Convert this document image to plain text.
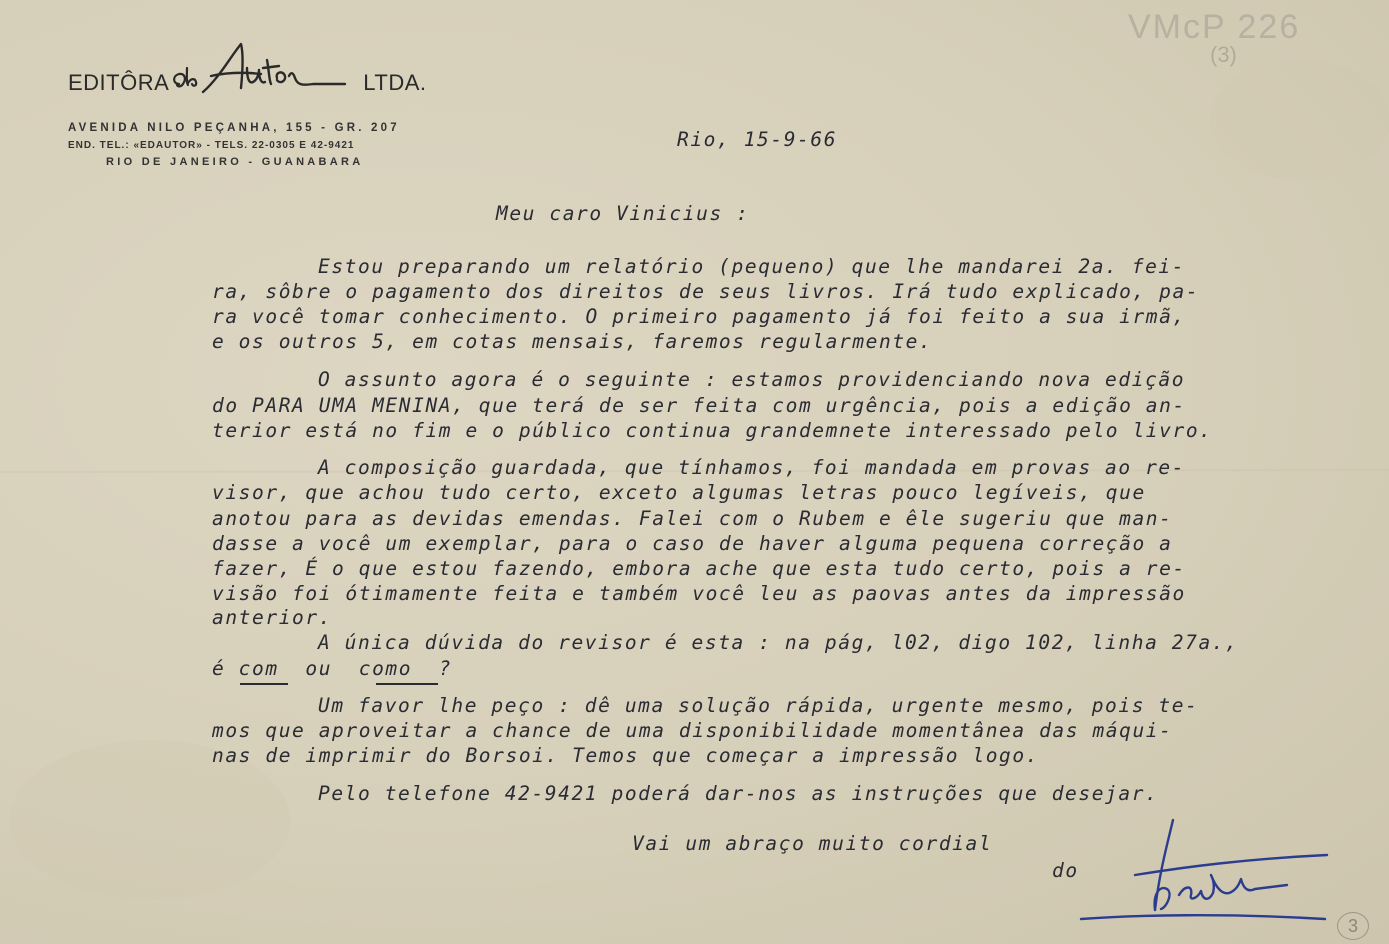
EDITÔRA
do Autor
LTDA.
AVENIDA NILO PEÇANHA, 155 - GR. 207
END. TEL.: «EDAUTOR» - TELS. 22-0305 E 42-9421
RIO DE JANEIRO - GUANABARA
VMcP 226
(3)
Rio, 15-9-66
Meu caro Vinicius :
Estou preparando um relatório (pequeno) que lhe mandarei 2a. fei-
ra, sôbre o pagamento dos direitos de seus livros. Irá tudo explicado, pa-
ra você tomar conhecimento. O primeiro pagamento já foi feito a sua irmã,
e os outros 5, em cotas mensais, faremos regularmente.
O assunto agora é o seguinte : estamos providenciando nova edição
do PARA UMA MENINA, que terá de ser feita com urgência, pois a edição an-
terior está no fim e o público continua grandemnete interessado pelo livro.
A composição guardada, que tínhamos, foi mandada em provas ao re-
visor, que achou tudo certo, exceto algumas letras pouco legíveis, que
anotou para as devidas emendas. Falei com o Rubem e êle sugeriu que man-
dasse a você um exemplar, para o caso de haver alguma pequena correção a
fazer, É o que estou fazendo, embora ache que esta tudo certo, pois a re-
visão foi ótimamente feita e também você leu as paovas antes da impressão
anterior.
A única dúvida do revisor é esta : na pág, l02, digo 102, linha 27a.,
é com  ou  como  ?
Um favor lhe peço : dê uma solução rápida, urgente mesmo, pois te-
mos que aproveitar a chance de uma disponibilidade momentânea das máqui-
nas de imprimir do Borsoi. Temos que começar a impressão logo.
Pelo telefone 42-9421 poderá dar-nos as instruções que desejar.
Vai um abraço muito cordial
do
3
